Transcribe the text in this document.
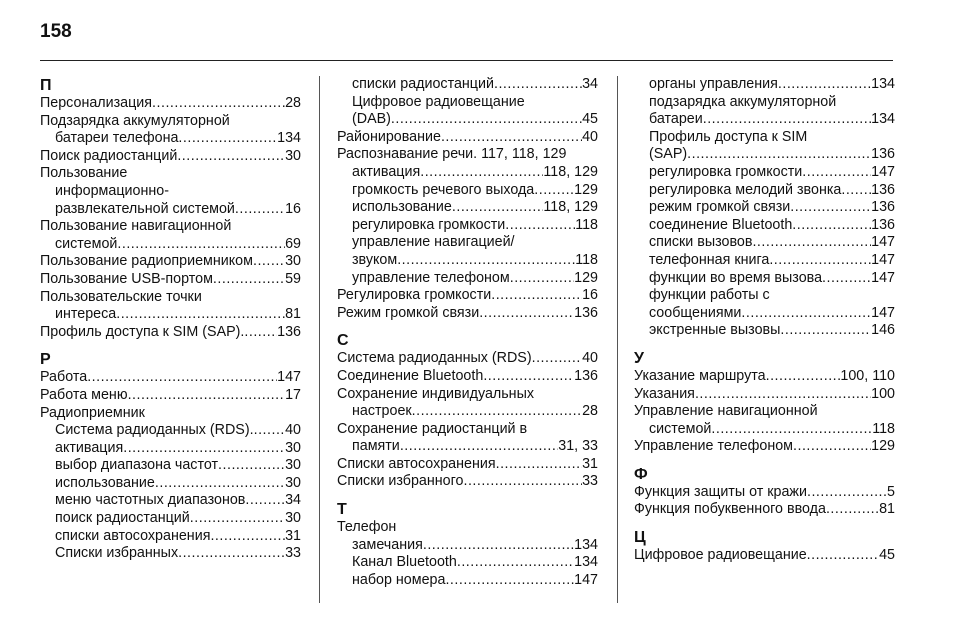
158
П
Персонализация .....	28
Подзарядка аккумуляторной
батареи телефона .....	134
Поиск радиостанций .....	30
Пользование
информационно-
развлекательной системой .....	16
Пользование навигационной
системой .....	69
Пользование радиоприемником ..... 30
Пользование USB-портом .....	59
Пользовательские точки
интереса .....	81
Профиль доступа к SIM (SAP). ..... 136
Р
Работа .....	147
Работа меню .....	17
Радиоприемник
Система радиоданных (RDS). ..... 40
активация .....	30
выбор диапазона частот .....	30
использование .....	30
меню частотных диапазонов .....	34
поиск радиостанций .....	30
списки автосохранения .....	31
Списки избранных .....	33
списки радиостанций .....	34
Цифровое радиовещание
(DAB) .....	45
Районирование .....	40
Распознавание речи. 117, 118, 129
активация .....	118, 129
громкость речевого выхода .....	129
использование .....	118, 129
регулировка громкости .....	118
управление навигацией/
звуком .....	118
управление телефоном .....	129
Регулировка громкости .....	16
Режим громкой связи .....	136
С
Система радиоданных (RDS) .....	40
Соединение Bluetooth .....	136
Сохранение индивидуальных
настроек .....	28
Сохранение радиостанций в
памяти .....	31, 33
Списки автосохранения .....	31
Списки избранного .....	33
Т
Телефон
замечания .....	134
Канал Bluetooth .....	134
набор номера .....	147
органы управления .....	134
подзарядка аккумуляторной
батареи .....	134
Профиль доступа к SIM
(SAP) .....	136
регулировка громкости .....	147
регулировка мелодий звонка ..... 136
режим громкой связи .....	136
соединение Bluetooth .....	136
списки вызовов .....	147
телефонная книга .....	147
функции во время вызова .....	147
функции работы с
сообщениями .....	147
экстренные вызовы .....	146
У
Указание маршрута .....	100, 110
Указания .....	100
Управление навигационной
системой .....	118
Управление телефоном .....	129
Ф
Функция защиты от кражи .....	5
Функция побуквенного ввода .....	81
Ц
Цифровое радиовещание .....	45
